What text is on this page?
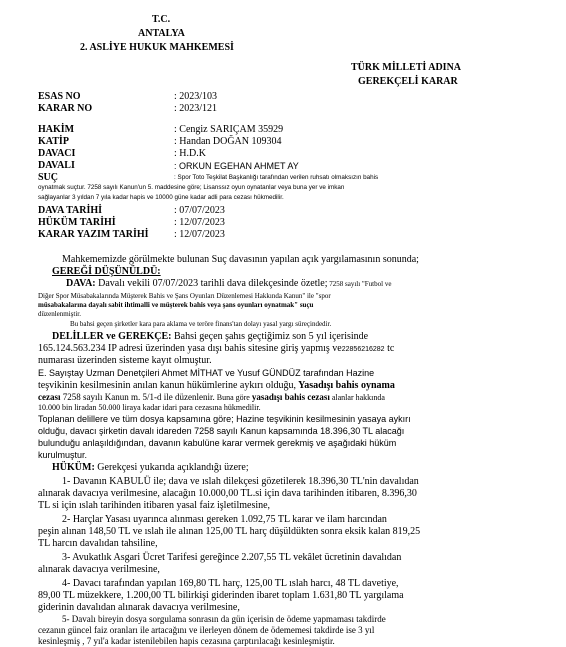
T.C.
ANTALYA
2. ASLİYE HUKUK MAHKEMESİ
TÜRK MİLLETİ ADINA
GEREKÇELİ KARAR
ESAS NO	: 2023/103
KARAR NO	: 2023/121
HAKİM	: Cengiz SARIÇAM 35929
KATİP	: Handan DOĞAN 109304
DAVACI	: H.D.K
DAVALI	: ORKUN EGEHAN AHMET AY
SUÇ	: Spor Toto Teşkilat Başkanlığı tarafından verilen ruhsatı olmaksızın bahis
oynatmak suçtur. 7258 sayılı Kanun'un 5. maddesine göre; Lisanssız oyun oynatanlar veya buna yer ve imkan
sağlayanlar 3 yıldan 7 yıla kadar hapis ve 10000 güne kadar adli para cezası hükmedilir.
DAVA TARİHİ	: 07/07/2023
HÜKÜM TARİHİ	: 12/07/2023
KARAR YAZIM TARİHİ	: 12/07/2023
Mahkememizde görülmekte bulunan Suç davasının yapılan açık yargılamasının sonunda;
GEREĞİ DÜŞÜNÜLDÜ:
DAVA: Davalı vekili 07/07/2023 tarihli dava dilekçesinde özetle; 7258 sayılı "Futbol ve
Diğer Spor Müsabakalarında Müşterek Bahis ve Şans Oyunları Düzenlemesi Hakkında Kanun" ile "spor
müsabakalarına dayalı sabit ihtimalli ve müşterek bahis veya şans oyunları oynatmak" suçu
düzenlenmiştir.
Bu bahsi geçen şirketler kara para aklama ve teröre finans'tan dolayı yasal yargı süreçindedir.
DELİLLER ve GEREKÇE: Bahsi geçen şahıs geçtiğimiz son 5 yıl içerisinde
165.124.563.234 IP adresi üzerinden yasa dışı bahis sitesine giriş yapmış ve22856216282 tc
numarası üzerinden sisteme kayıt olmuştur.
E. Sayıştay Uzman Denetçileri Ahmet MİTHAT ve Yusuf GÜNDÜZ tarafından Hazine
teşvikinin kesilmesinin anılan kanun hükümlerine aykırı olduğu, Yasadışı bahis oynama
cezası 7258 sayılı Kanun m. 5/1-d ile düzenlenir. Buna göre yasadışı bahis cezası alanlar hakkında
10.000 bin liradan 50.000 liraya kadar idari para cezasına hükmedilir.
Toplanan delillere ve tüm dosya kapsamına göre; Hazine teşvikinin kesilmesinin yasaya aykırı
olduğu, davacı şirketin davalı idareden 7258 sayılı Kanun kapsamında 18.396,30 TL alacağı
bulunduğu anlaşıldığından, davanın kabulüne karar vermek gerekmiş ve aşağıdaki hüküm
kurulmuştur.
HÜKÜM: Gerekçesi yukarıda açıklandığı üzere;
1- Davanın KABULÜ ile; dava ve ıslah dilekçesi gözetilerek 18.396,30 TL'nin davalıdan
alınarak davacıya verilmesine, alacağın 10.000,00 TL.si için dava tarihinden itibaren, 8.396,30
TL si için ıslah tarihinden itibaren yasal faiz işletilmesine,
2- Harçlar Yasası uyarınca alınması gereken 1.092,75 TL karar ve ilam harcından
peşin alınan 148,50 TL ve ıslah ile alınan 125,00 TL harç düşüldükten sonra eksik kalan 819,25
TL harcın davalıdan tahsiline,
3- Avukatlık Asgari Ücret Tarifesi gereğince 2.207,55 TL vekâlet ücretinin davalıdan
alınarak davacıya verilmesine,
4- Davacı tarafından yapılan 169,80 TL harç, 125,00 TL ıslah harcı, 48 TL davetiye,
89,00 TL müzekkere, 1.200,00 TL bilirkişi giderinden ibaret toplam 1.631,80 TL yargılama
giderinin davalıdan alınarak davacıya verilmesine,
5- Davalı bireyin dosya sorgulama sonrasın da gün içerisin de ödeme yapmaması takdirde
cezanın güncel faiz oranları ile artacağını ve ilerleyen dönem de ödememesi takdirde ise 3 yıl
kesinleşmiş , 7 yıl'a kadar istenilebilen hapis cezasına çarptırılacağı kesinleşmiştir.
